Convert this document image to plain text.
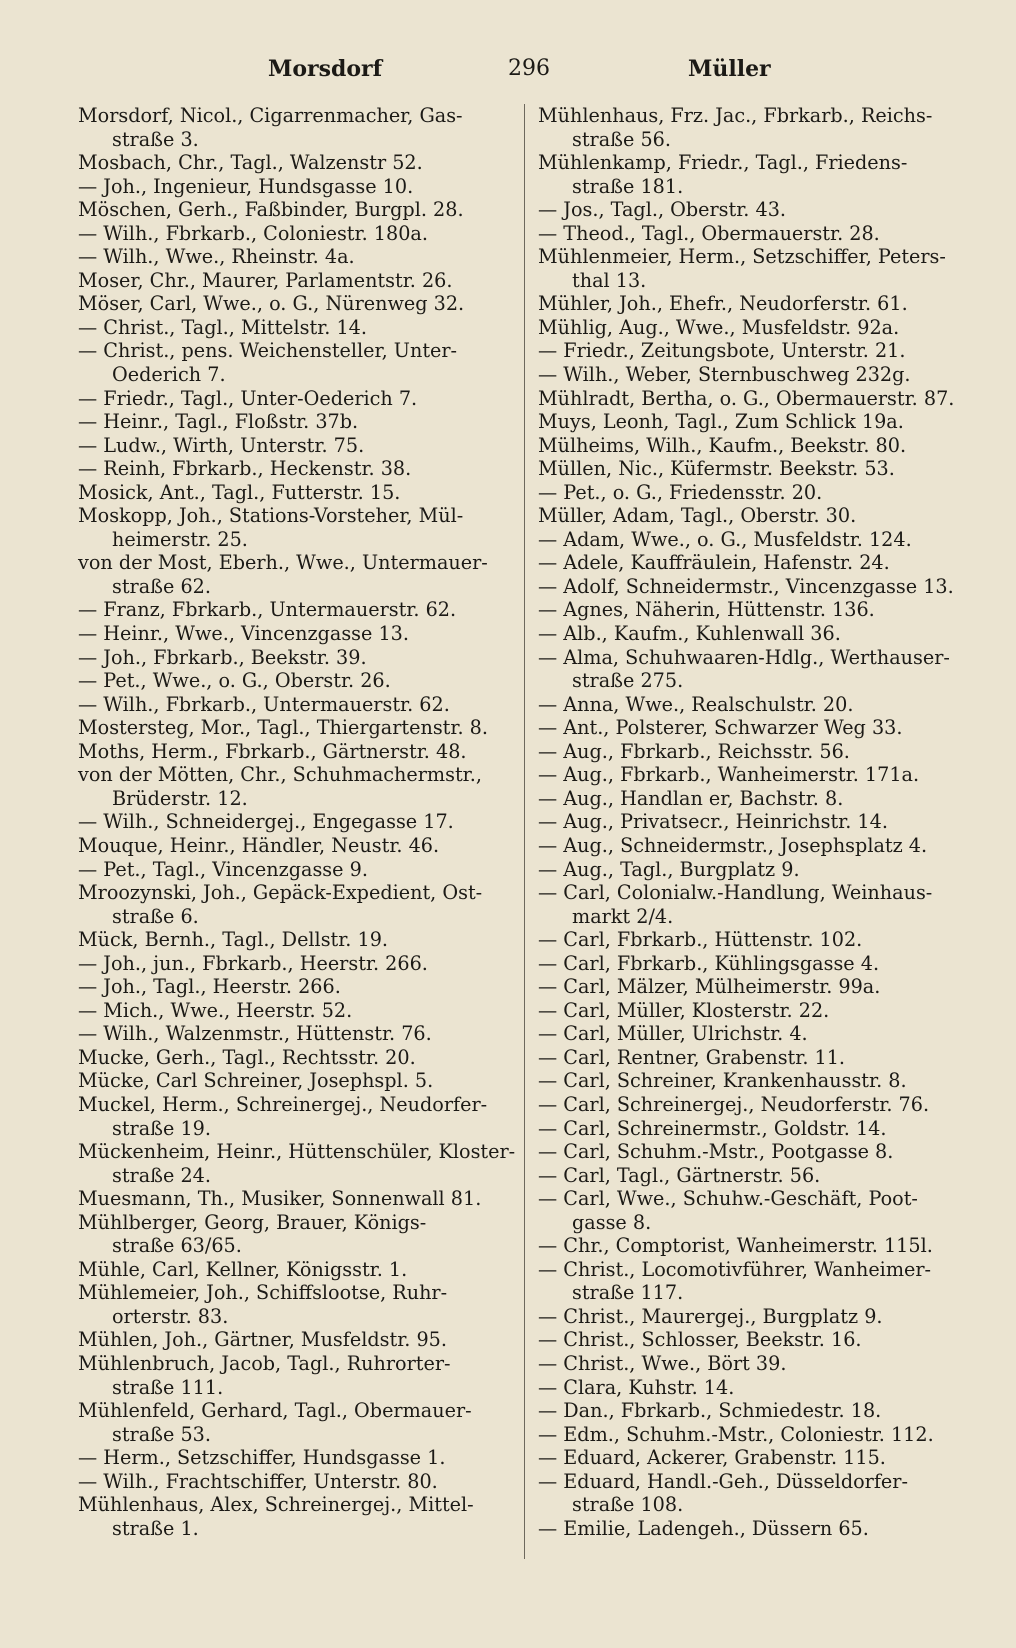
Morsdorf	296	Müller
Morsdorf, Nicol., Cigarrenmacher, Gas-
straße 3.
Mosbach, Chr., Tagl., Walzenstr 52.
— Joh., Ingenieur, Hundsgasse 10.
Möschen, Gerh., Faßbinder, Burgpl. 28.
— Wilh., Fbrkarb., Coloniestr. 180a.
— Wilh., Wwe., Rheinstr. 4a.
Moser, Chr., Maurer, Parlamentstr. 26.
Möser, Carl, Wwe., o. G., Nürenweg 32.
— Christ., Tagl., Mittelstr. 14.
— Christ., pens. Weichensteller, Unter-
Oederich 7.
— Friedr., Tagl., Unter-Oederich 7.
— Heinr., Tagl., Floßstr. 37b.
— Ludw., Wirth, Unterstr. 75.
— Reinh, Fbrkarb., Heckenstr. 38.
Mosick, Ant., Tagl., Futterstr. 15.
Moskopp, Joh., Stations-Vorsteher, Mül-
heimerstr. 25.
von der Most, Eberh., Wwe., Untermauer-
straße 62.
— Franz, Fbrkarb., Untermauerstr. 62.
— Heinr., Wwe., Vincenzgasse 13.
— Joh., Fbrkarb., Beekstr. 39.
— Pet., Wwe., o. G., Oberstr. 26.
— Wilh., Fbrkarb., Untermauerstr. 62.
Mostersteg, Mor., Tagl., Thiergartenstr. 8.
Moths, Herm., Fbrkarb., Gärtnerstr. 48.
von der Mötten, Chr., Schuhmachermstr.,
Brüderstr. 12.
— Wilh., Schneidergej., Engegasse 17.
Mouque, Heinr., Händler, Neustr. 46.
— Pet., Tagl., Vincenzgasse 9.
Mroozynski, Joh., Gepäck-Expedient, Ost-
straße 6.
Mück, Bernh., Tagl., Dellstr. 19.
— Joh., jun., Fbrkarb., Heerstr. 266.
— Joh., Tagl., Heerstr. 266.
— Mich., Wwe., Heerstr. 52.
— Wilh., Walzenmstr., Hüttenstr. 76.
Mucke, Gerh., Tagl., Rechtsstr. 20.
Mücke, Carl Schreiner, Josephspl. 5.
Muckel, Herm., Schreinergej., Neudorfer-
straße 19.
Mückenheim, Heinr., Hüttenschüler, Kloster-
straße 24.
Muesmann, Th., Musiker, Sonnenwall 81.
Mühlberger, Georg, Brauer, Königs-
straße 63/65.
Mühle, Carl, Kellner, Königsstr. 1.
Mühlemeier, Joh., Schiffslootse, Ruhr-
orterstr. 83.
Mühlen, Joh., Gärtner, Musfeldstr. 95.
Mühlenbruch, Jacob, Tagl., Ruhrorter-
straße 111.
Mühlenfeld, Gerhard, Tagl., Obermauer-
straße 53.
— Herm., Setzschiffer, Hundsgasse 1.
— Wilh., Frachtschiffer, Unterstr. 80.
Mühlenhaus, Alex, Schreinergej., Mittel-
straße 1.
Mühlenhaus, Frz. Jac., Fbrkarb., Reichs-
straße 56.
Mühlenkamp, Friedr., Tagl., Friedens-
straße 181.
— Jos., Tagl., Oberstr. 43.
— Theod., Tagl., Obermauerstr. 28.
Mühlenmeier, Herm., Setzschiffer, Peters-
thal 13.
Mühler, Joh., Ehefr., Neudorferstr. 61.
Mühlig, Aug., Wwe., Musfeldstr. 92a.
— Friedr., Zeitungsbote, Unterstr. 21.
— Wilh., Weber, Sternbuschweg 232g.
Mühlradt, Bertha, o. G., Obermauerstr. 87.
Muys, Leonh, Tagl., Zum Schlick 19a.
Mülheims, Wilh., Kaufm., Beekstr. 80.
Müllen, Nic., Küfermstr. Beekstr. 53.
— Pet., o. G., Friedensstr. 20.
Müller, Adam, Tagl., Oberstr. 30.
— Adam, Wwe., o. G., Musfeldstr. 124.
— Adele, Kauffräulein, Hafenstr. 24.
— Adolf, Schneidermstr., Vincenzgasse 13.
— Agnes, Näherin, Hüttenstr. 136.
— Alb., Kaufm., Kuhlenwall 36.
— Alma, Schuhwaaren-Hdlg., Werthauser-
straße 275.
— Anna, Wwe., Realschulstr. 20.
— Ant., Polsterer, Schwarzer Weg 33.
— Aug., Fbrkarb., Reichsstr. 56.
— Aug., Fbrkarb., Wanheimerstr. 171a.
— Aug., Handlan er, Bachstr. 8.
— Aug., Privatsecr., Heinrichstr. 14.
— Aug., Schneidermstr., Josephsplatz 4.
— Aug., Tagl., Burgplatz 9.
— Carl, Colonialw.-Handlung, Weinhaus-
markt 2/4.
— Carl, Fbrkarb., Hüttenstr. 102.
— Carl, Fbrkarb., Kühlingsgasse 4.
— Carl, Mälzer, Mülheimerstr. 99a.
— Carl, Müller, Klosterstr. 22.
— Carl, Müller, Ulrichstr. 4.
— Carl, Rentner, Grabenstr. 11.
— Carl, Schreiner, Krankenhausstr. 8.
— Carl, Schreinergej., Neudorferstr. 76.
— Carl, Schreinermstr., Goldstr. 14.
— Carl, Schuhm.-Mstr., Pootgasse 8.
— Carl, Tagl., Gärtnerstr. 56.
— Carl, Wwe., Schuhw.-Geschäft, Poot-
gasse 8.
— Chr., Comptorist, Wanheimerstr. 115l.
— Christ., Locomotivführer, Wanheimer-
straße 117.
— Christ., Maurergej., Burgplatz 9.
— Christ., Schlosser, Beekstr. 16.
— Christ., Wwe., Bört 39.
— Clara, Kuhstr. 14.
— Dan., Fbrkarb., Schmiedestr. 18.
— Edm., Schuhm.-Mstr., Coloniestr. 112.
— Eduard, Ackerer, Grabenstr. 115.
— Eduard, Handl.-Geh., Düsseldorfer-
straße 108.
— Emilie, Ladengeh., Düssern 65.
